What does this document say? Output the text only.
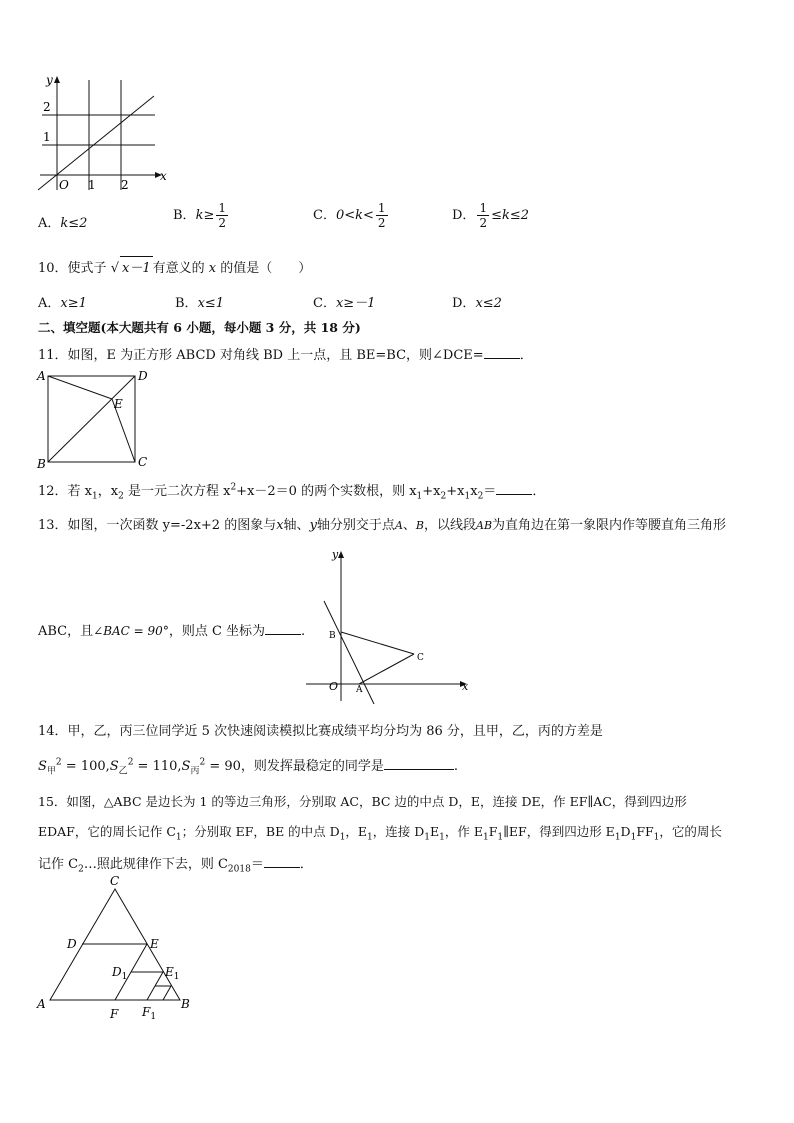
y
x
O 1 2
1
2
A．k≤2
B．$k\ge \frac{1}{2}$	C．$0<k< \frac{1}{2}$	D． $\frac{1}{2} \le k\le 2$
10．使式子 √ x－1 有意义的 x 的值是（　　）
A．x≥1	B．x≤1	C．x≥－1	D．x≤2
二、填空题(本大题共有 6 小题，每小题 3 分，共 18 分)
11．如图，E 为正方形 ABCD 对角线 BD 上一点，且 BE=BC，则∠DCE=	．
A	D
B	C
E
12．若 $x_1$，$x_2$ 是一元二次方程 $x^2+x-2=0$ 的两个实数根，则 $x_1+x_2+x_1x_2=$	．
13．如图，一次函数 y=-2x+2 的图象与x轴、y轴分别交于点A、B，以线段AB为直角边在第一象限内作等腰直角三角形
ABC，且∠BAC = 90°，则点 C 坐标为	.
y
x
O A
B
C
14．甲，乙，丙三位同学近 5 次快速阅读模拟比赛成绩平均分均为 86 分，且甲，乙，丙的方差是
$S_甲^2 = 100,S_乙^2 = 110,S_丙^2 = 90$，则发挥最稳定的同学是	.
15．如图，△ABC 是边长为 1 的等边三角形，分别取 AC，BC 边的中点 D，E，连接 DE，作 EF∥AC，得到四边形
EDAF，它的周长记作 $C_1$；分别取 EF，BE 的中点 $D_1$，$E_1$，连接 $D_1E_1$，作 $E_1F_1\parallel EF$，得到四边形 $E_1D_1FF_1$，它的周长
记作 $C_2\dots$照此规律作下去，则 $C_{2018}=$	．
C
D	E
A	B
F
$D_1$	$E_1$
$F_1$
